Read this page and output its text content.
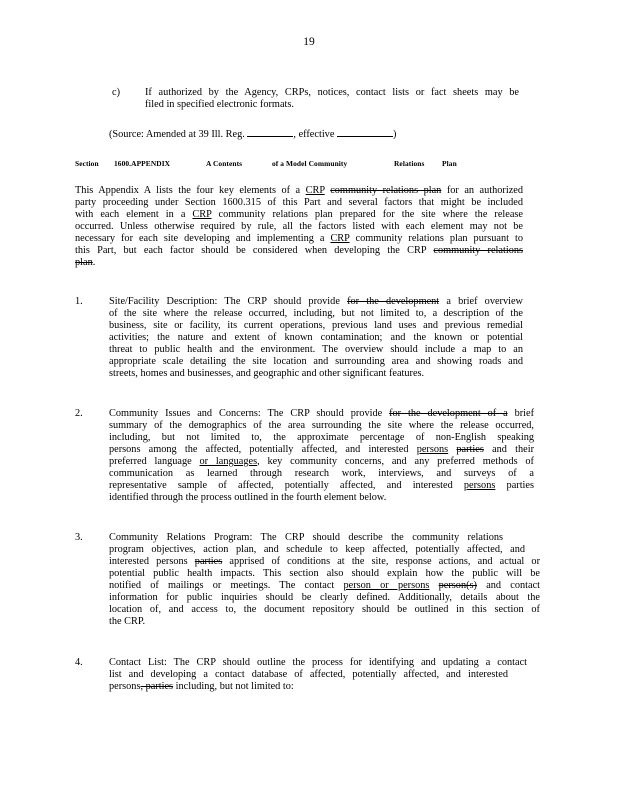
19
c) If authorized by the Agency, CRPs, notices, contact lists or fact sheets may be
filed in specified electronic formats.
(Source: Amended at 39 Ill. Reg.	, effective	)
Section 1600.APPENDIX	A Contents	of a Model Community	Relations Plan
This Appendix A lists the four key elements of a CRP community relations plan for an authorized
party proceeding under Section 1600.315 of this Part and several factors that might be included
with each element in a CRP community relations plan prepared for the site where the release
occurred. Unless otherwise required by rule, all the factors listed with each element may not be
necessary for each site developing and implementing a CRP community relations plan pursuant to
this Part, but each factor should be considered when developing the CRP community relations
plan.
1.	Site/Facility Description: The CRP should provide for the development a brief overview
of the site where the release occurred, including, but not limited to, a description of the
business, site or facility, its current operations, previous land uses and previous remedial
activities; the nature and extent of known contamination; and the known or potential
threat to public health and the environment. The overview should include a map to an
appropriate scale detailing the site location and surrounding area and showing roads and
streets, homes and businesses, and geographic and other significant features.
2.	Community Issues and Concerns: The CRP should provide for the development of a brief
summary of the demographics of the area surrounding the site where the release occurred,
including, but not limited to, the approximate percentage of non-English speaking
persons among the affected, potentially affected, and interested persons parties and their
preferred language or languages, key community concerns, and any preferred methods of
communication as learned through research work, interviews, and surveys of a
representative sample of affected, potentially affected, and interested persons parties
identified through the process outlined in the fourth element below.
3.	Community Relations Program: The CRP should describe the community relations
program objectives, action plan, and schedule to keep affected, potentially affected, and
interested persons parties apprised of conditions at the site, response actions, and actual or
potential public health impacts. This section also should explain how the public will be
notified of mailings or meetings. The contact person or persons person(s) and contact
information for public inquiries should be clearly defined. Additionally, details about the
location of, and access to, the document repository should be outlined in this section of
the CRP.
4.	Contact List: The CRP should outline the process for identifying and updating a contact
list and developing a contact database of affected, potentially affected, and interested
persons, parties including, but not limited to:
